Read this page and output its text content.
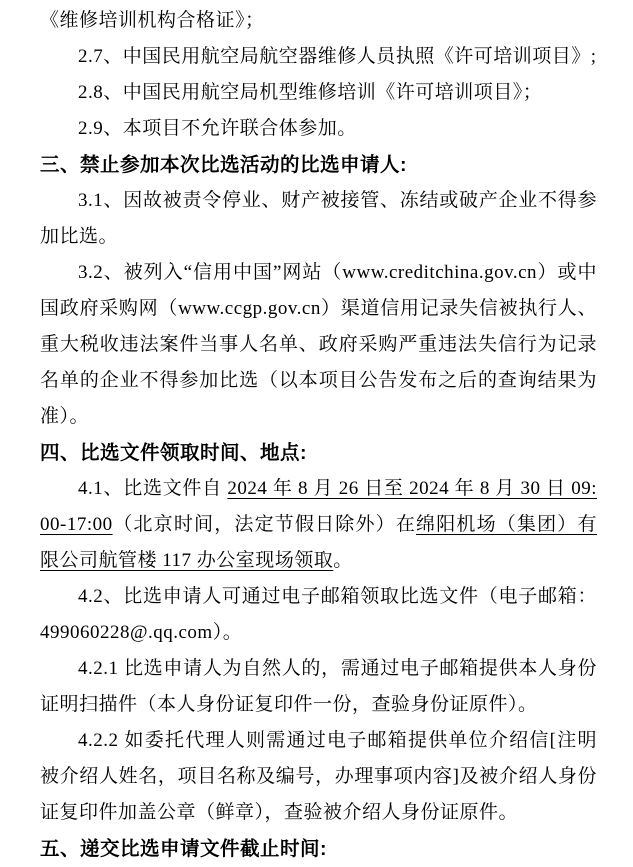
《维修培训机构合格证》；

2.7、中国民用航空局航空器维修人员执照《许可培训项目》;

2.8、中国民用航空局机型维修培训《许可培训项目》；

2.9、本项目不允许联合体参加。

三、禁止参加本次比选活动的比选申请人:

3.1、因故被责令停业、财产被接管、冻结或破产企业不得参加比选。

3.2、被列入“信用中国”网站（www.creditchina.gov.cn）或中国政府采购网（www.ccgp.gov.cn）渠道信用记录失信被执行人、重大税收违法案件当事人名单、政府采购严重违法失信行为记录名单的企业不得参加比选（以本项目公告发布之后的查询结果为准）。

四、比选文件领取时间、地点:

4.1、比选文件自 2024 年 8 月 26 日至 2024 年 8 月 30 日 09:00-17:00（北京时间，法定节假日除外）在绵阳机场（集团）有限公司航管楼 117 办公室现场领取。

4.2、比选申请人可通过电子邮箱领取比选文件（电子邮箱：499060228@.qq.com）。

4.2.1 比选申请人为自然人的，需通过电子邮箱提供本人身份证明扫描件（本人身份证复印件一份，查验身份证原件）。

4.2.2 如委托代理人则需通过电子邮箱提供单位介绍信[注明被介绍人姓名，项目名称及编号，办理事项内容]及被介绍人身份证复印件加盖公章（鲜章），查验被介绍人身份证原件。

五、递交比选申请文件截止时间:
